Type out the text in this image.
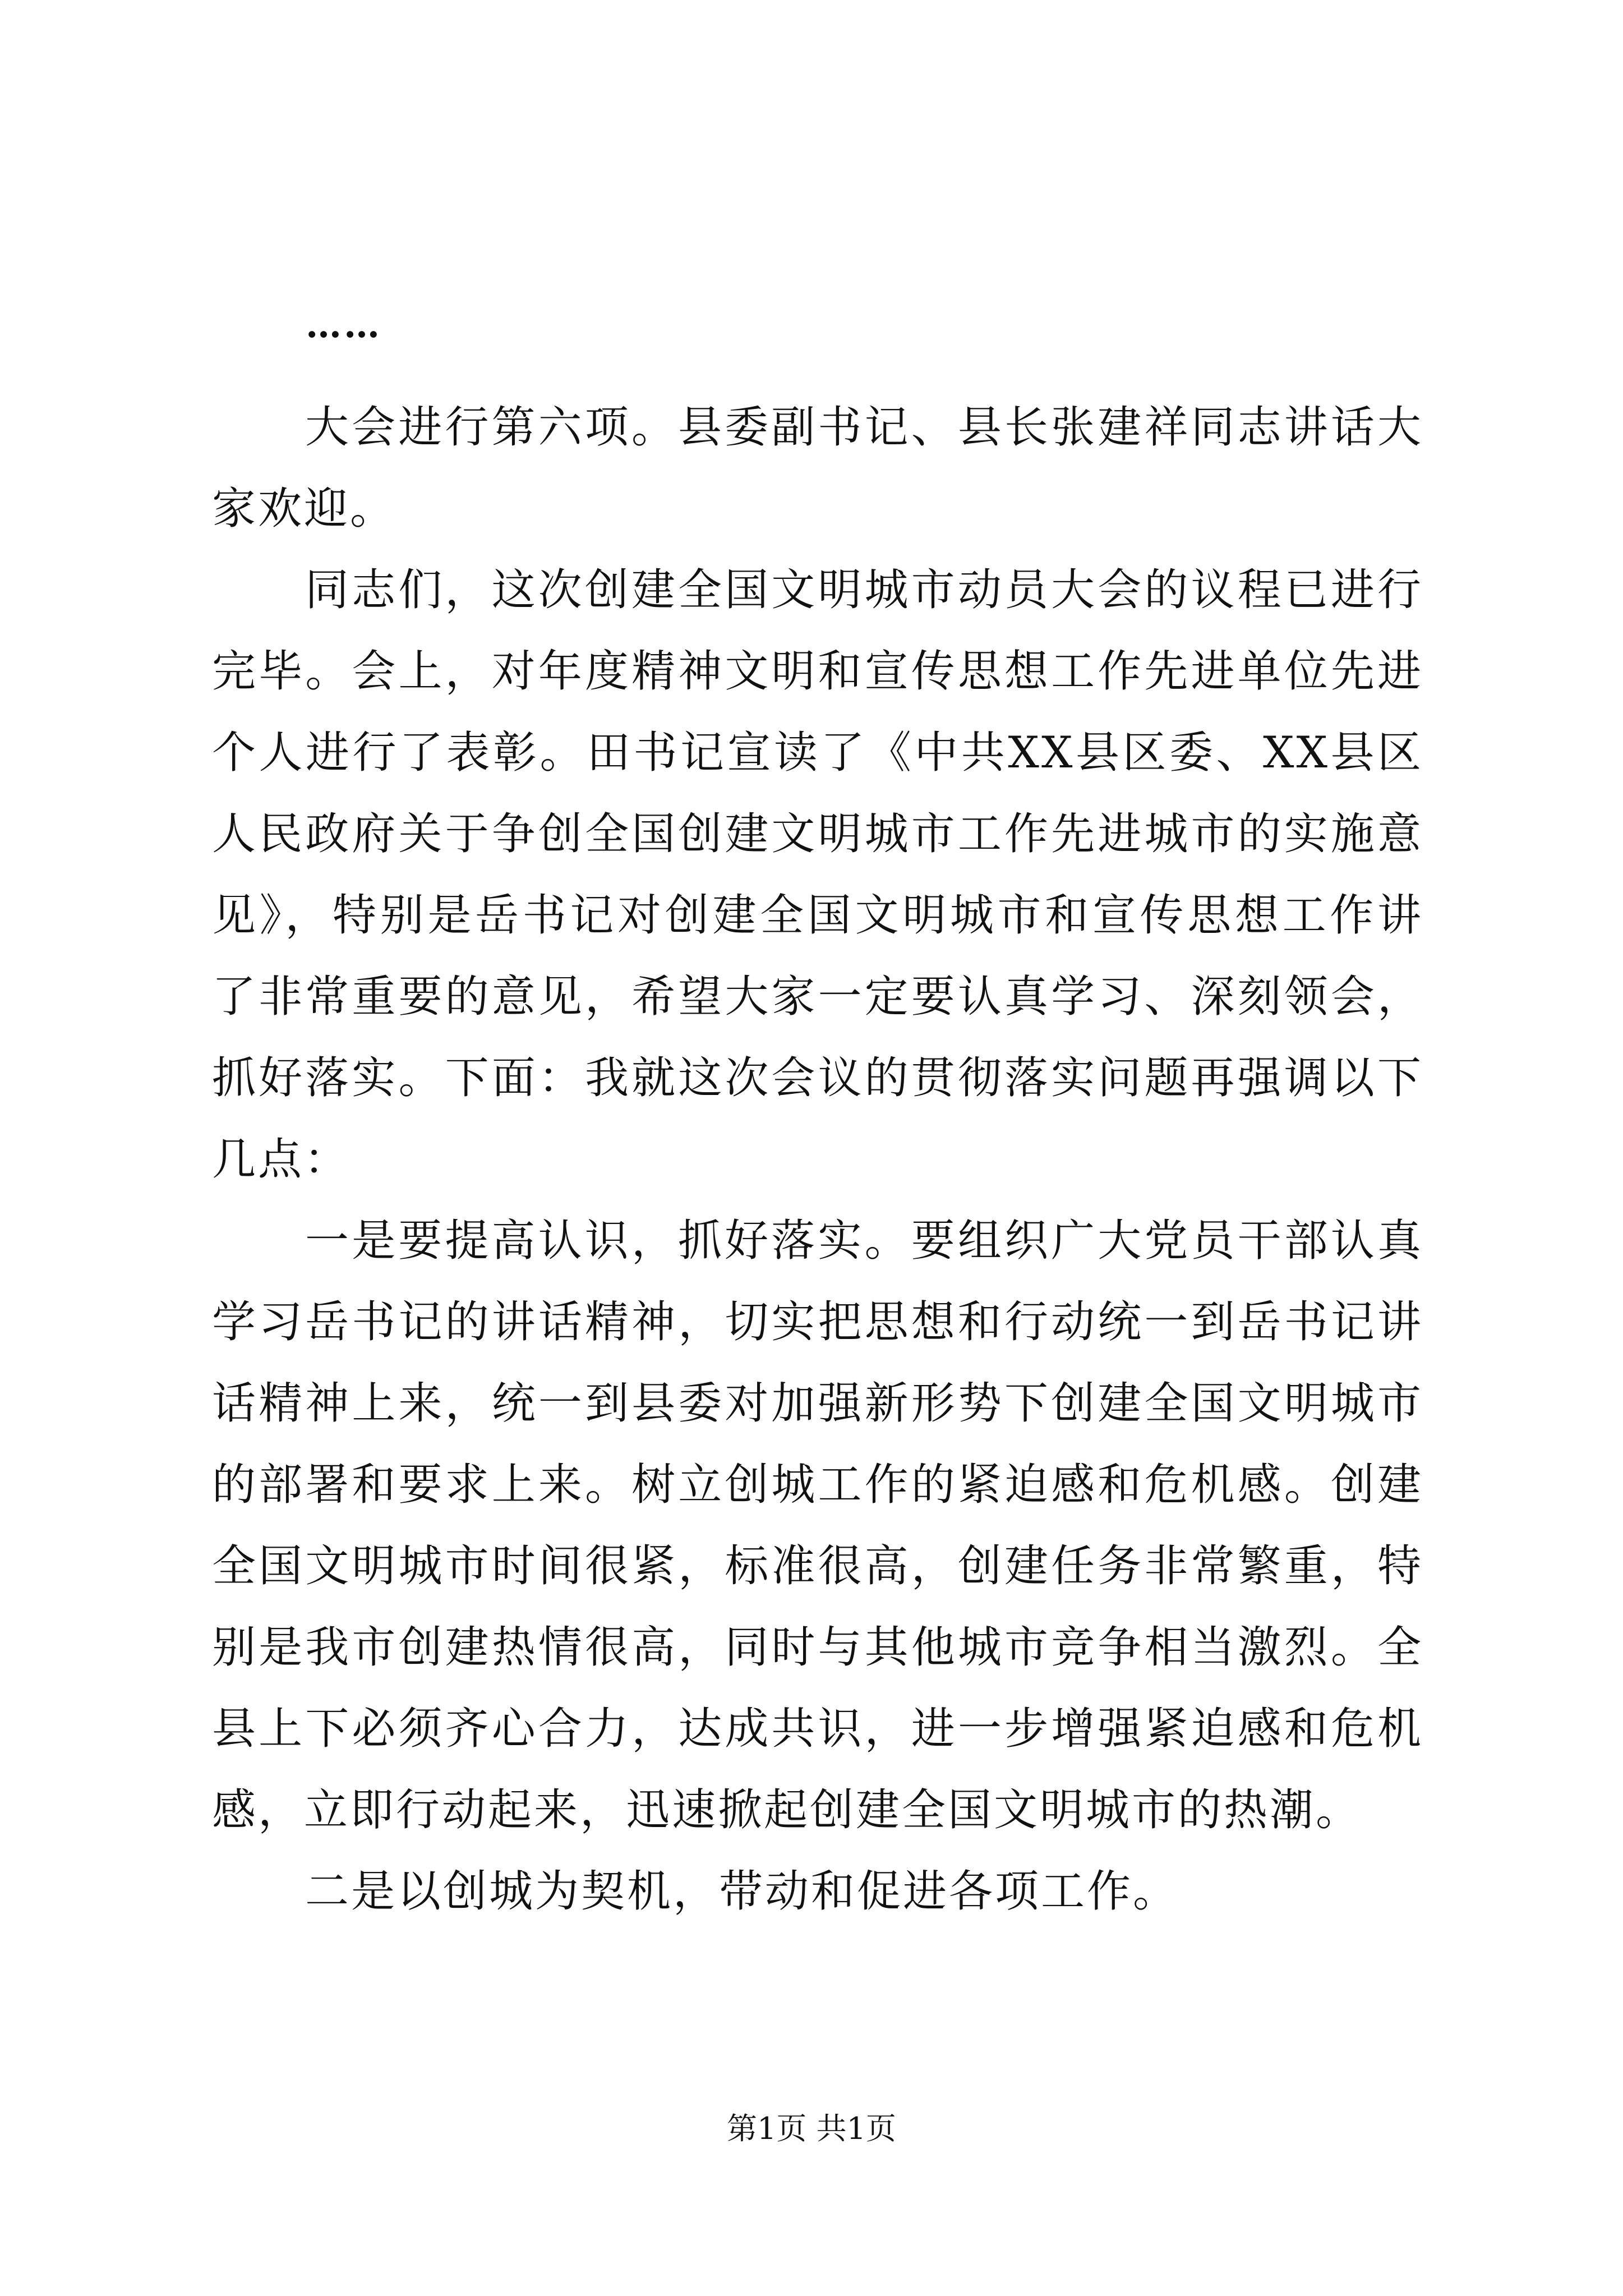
……

大会进行第六项。县委副书记、县长张建祥同志讲话大家欢迎。

同志们，这次创建全国文明城市动员大会的议程已进行完毕。会上，对年度精神文明和宣传思想工作先进单位先进个人进行了表彰。田书记宣读了《中共XX县区委、XX县区人民政府关于争创全国创建文明城市工作先进城市的实施意见》，特别是岳书记对创建全国文明城市和宣传思想工作讲了非常重要的意见，希望大家一定要认真学习、深刻领会，抓好落实。下面：我就这次会议的贯彻落实问题再强调以下几点：

一是要提高认识，抓好落实。要组织广大党员干部认真学习岳书记的讲话精神，切实把思想和行动统一到岳书记讲话精神上来，统一到县委对加强新形势下创建全国文明城市的部署和要求上来。树立创城工作的紧迫感和危机感。创建全国文明城市时间很紧，标准很高，创建任务非常繁重，特别是我市创建热情很高，同时与其他城市竞争相当激烈。全县上下必须齐心合力，达成共识，进一步增强紧迫感和危机感，立即行动起来，迅速掀起创建全国文明城市的热潮。

二是以创城为契机，带动和促进各项工作。

第1页 共1页
